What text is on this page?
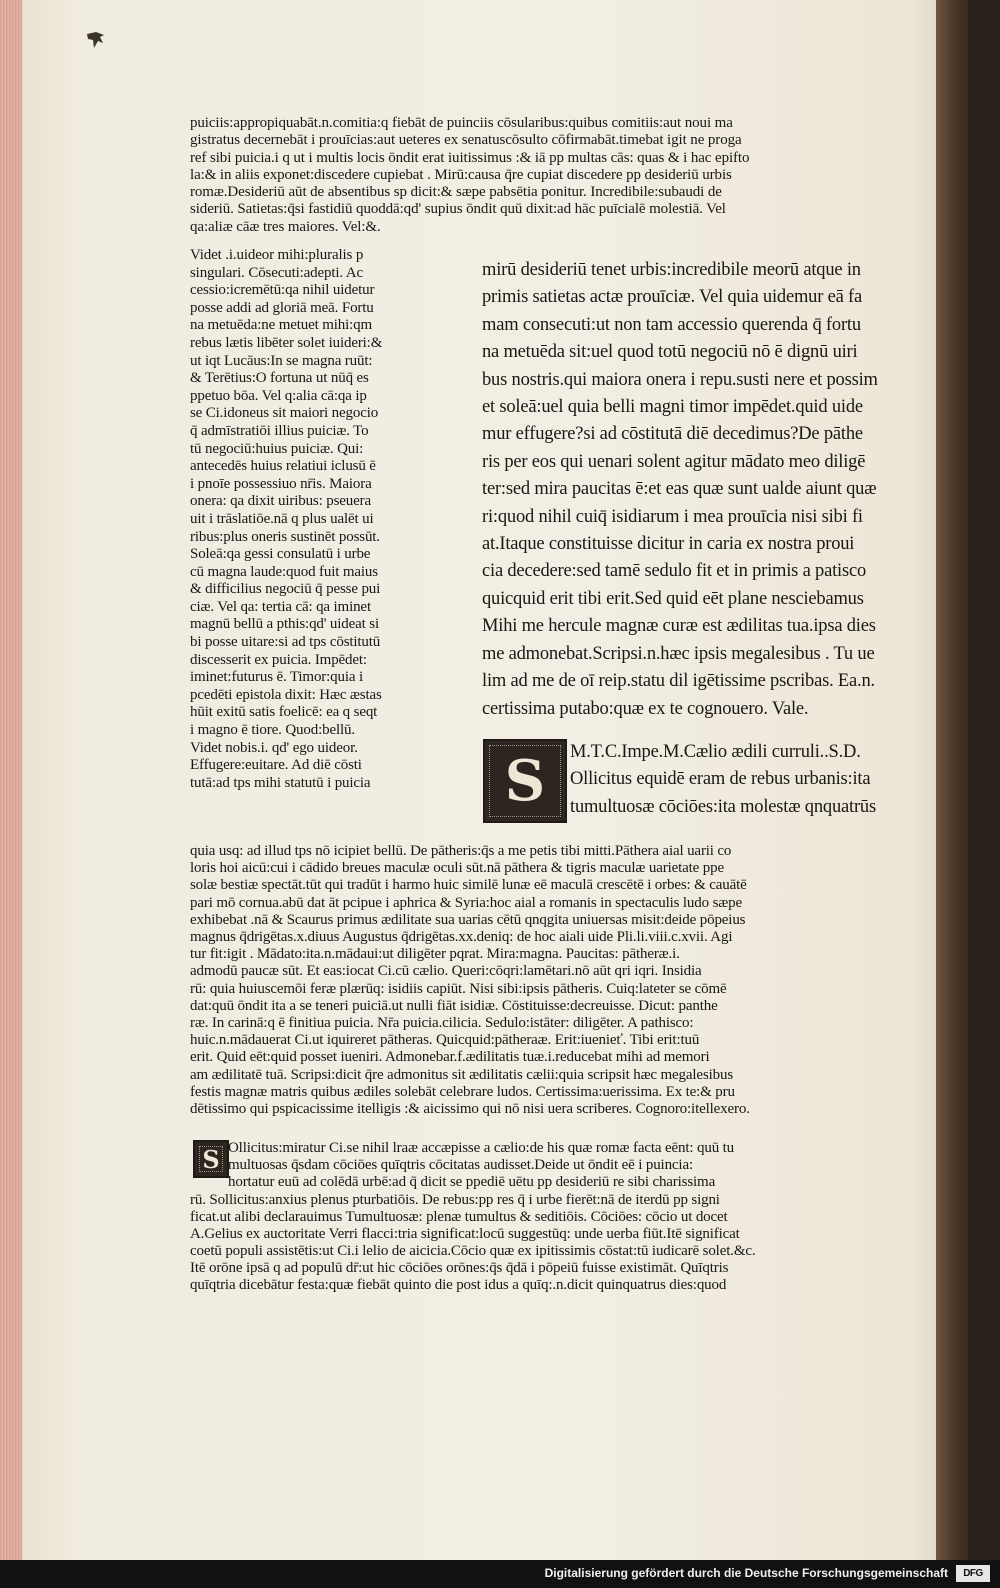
puiciis:appropiquabāt.n.comitia:q fiebāt de puinciis cōsularibus:quibus comitiis:aut noui ma
gistratus decernebāt i prouīcias:aut ueteres ex senatuscōsulto cōfirmabāt.timebat igit ne proga
ref sibi puicia.i q ut i multis locis ōndit erat iuitissimus :& iā pp multas cās: quas & i hac epifto
la:& in aliis exponet:discedere cupiebat . Mirū:causa q̄re cupiat discedere pp desideriū urbis
romæ.Desideriū aūt de absentibus sp dicit:& sæpe pabsētia ponitur. Incredibile:subaudi de
sideriū. Satietas:q̄si fastidiū quoddā:qd' supius ōndit quū dixit:ad hāc puīcialē molestiā. Vel
qa:aliæ cāæ tres maiores. Vel:&.
Videt .i.uideor mihi:pluralis p
singulari. Cōsecuti:adepti. Ac
cessio:icremētū:qa nihil uidetur
posse addi ad gloriā meā. Fortu
na metuēda:ne metuet mihi:qm
rebus lætis libēter solet iuideri:&
ut iqt Lucāus:In se magna ruūt:
& Terētius:O fortuna ut nūq̄ es
ppetuo bōa. Vel q:alia cā:qa ip
se Ci.idoneus sit maiori negocio
q̄ admīstratiōi illius puiciæ. To
tū negociū:huius puiciæ. Qui:
antecedēs huius relatiui iclusū ē
i pnoīe possessiuo nr̄is. Maiora
onera: qa dixit uiribus: pseuera
uit i trāslatiōe.nā q plus ualēt ui
ribus:plus oneris sustinēt possūt.
Soleā:qa gessi consulatū i urbe
cū magna laude:quod fuit maius
& difficilius negociū q̄ pesse pui
ciæ. Vel qa: tertia cā: qa iminet
magnū bellū a pthis:qd' uideat si
bi posse uitare:si ad tps cōstitutū
discesserit ex puicia. Impēdet:
iminet:futurus ē. Timor:quia i
pcedēti epistola dixit: Hæc æstas
hūit exitū satis foelicē: ea q seqt
i magno ē tiore. Quod:bellū.
Videt nobis.i. qd' ego uideor.
Effugere:euitare. Ad diē cōsti
tutā:ad tps mihi statutū i puicia
mirū desideriū tenet urbis:incredibile meorū atque in
primis satietas actæ prouīciæ. Vel quia uidemur eā fa
mam consecuti:ut non tam accessio querenda q̄ fortu
na metuēda sit:uel quod totū negociū nō ē dignū uiri
bus nostris.qui maiora onera i repu.susti nere et possim
et soleā:uel quia belli magni timor impēdet.quid uide
mur effugere?si ad cōstitutā diē decedimus?De pāthe
ris per eos qui uenari solent agitur mādato meo diligē
ter:sed mira paucitas ē:et eas quæ sunt ualde aiunt quæ
ri:quod nihil cuiq̄ isidiarum i mea prouīcia nisi sibi fi
at.Itaque constituisse dicitur in caria ex nostra proui
cia decedere:sed tamē sedulo fit et in primis a patisco
quicquid erit tibi erit.Sed quid eēt plane nesciebamus
Mihi me hercule magnæ curæ est ædilitas tua.ipsa dies
me admonebat.Scripsi.n.hæc ipsis megalesibus . Tu ue
lim ad me de oī reip.statu dil igētissime pscribas. Ea.n.
certissima putabo:quæ ex te cognouero. Vale.
S	M.T.C.Impe.M.Cælio ædili curruli..S.D.
Ollicitus equidē eram de rebus urbanis:ita
tumultuosæ cōciōes:ita molestæ qnquatrūs
quia usq: ad illud tps nō icipiet bellū. De pātheris:q̄s a me petis tibi mitti.Pāthera aial uarii co
loris hoi aicū:cui i cādido breues maculæ oculi sūt.nā pāthera & tigris maculæ uarietate ppe
solæ bestiæ spectāt.tūt qui tradūt i harmo huic similē lunæ eē maculā crescētē i orbes: & cauātē
pari mō cornua.abū dat āt pcipue i aphrica & Syria:hoc aial a romanis in spectaculis ludo sæpe
exhibebat .nā & Scaurus primus ædilitate sua uarias cētū qnqgita uniuersas misit:deide pōpeius
magnus q̄drigētas.x.diuus Augustus q̄drigētas.xx.deniq: de hoc aiali uide Pli.li.viii.c.xvii. Agi
tur fit:igit . Mādato:ita.n.mādaui:ut diligēter pqrat. Mira:magna. Paucitas: pātheræ.i.
admodū paucæ sūt. Et eas:iocat Ci.cū cælio. Queri:cōqri:lamētari.nō aūt qri iqri. Insidia
rū: quia huiuscemōi feræ plærūq: isidiis capiūt. Nisi sibi:ipsis pātheris. Cuiq:lateter se cōmē
dat:quū ōndit ita a se teneri puiciā.ut nulli fiāt isidiæ. Cōstituisse:decreuisse. Dicut: panthe
ræ. In carinā:q ē finitiua puicia. Nr̄a puicia.cilicia. Sedulo:istāter: diligēter. A pathisco:
huic.n.mādauerat Ci.ut iquireret pātheras. Quicquid:pātheraæ. Erit:iuenieť. Tibi erit:tuū
erit. Quid eēt:quid posset iueniri. Admonebar.f.ædilitatis tuæ.i.reducebat mihi ad memori
am ædilitatē tuā. Scripsi:dicit q̄re admonitus sit ædilitatis cælii:quia scripsit hæc megalesibus
festis magnæ matris quibus ædiles solebāt celebrare ludos. Certissima:uerissima. Ex te:& pru
dētissimo qui pspicacissime itelligis :& aicissimo qui nō nisi uera scriberes. Cognoro:itellexero.
S Ollicitus:miratur Ci.se nihil lraæ accæpisse a cælio:de his quæ romæ facta eēnt: quū tu
multuosas q̄sdam cōciōes quīqtris cōcitatas audisset.Deide ut ōndit eē i puincia:
hortatur euū ad colēdā urbē:ad q̄ dicit se ppediē uētu pp desideriū re sibi charissima
rū. Sollicitus:anxius plenus pturbatiōis. De rebus:pp res q̄ i urbe fierēt:nā de iterdū pp signi
ficat.ut alibi declarauimus Tumultuosæ: plenæ tumultus & seditiōis. Cōciōes: cōcio ut docet
A.Gelius ex auctoritate Verri flacci:tria significat:locū suggestūq: unde uerba fiūt.Itē significat
coetū populi assistētis:ut Ci.i lelio de aicicia.Cōcio quæ ex ipitissimis cōstat:tū iudicarē solet.&c.
Itē orōne ipsā q ad populū dr̄:ut hic cōciōes orōnes:q̄s q̄dā i pōpeiū fuisse existimāt. Quīqtris
quīqtria dicebātur festa:quæ fiebāt quinto die post idus a quīq:.n.dicit quinquatrus dies:quod
Digitalisierung gefördert durch die Deutsche Forschungsgemeinschaft	DFG
